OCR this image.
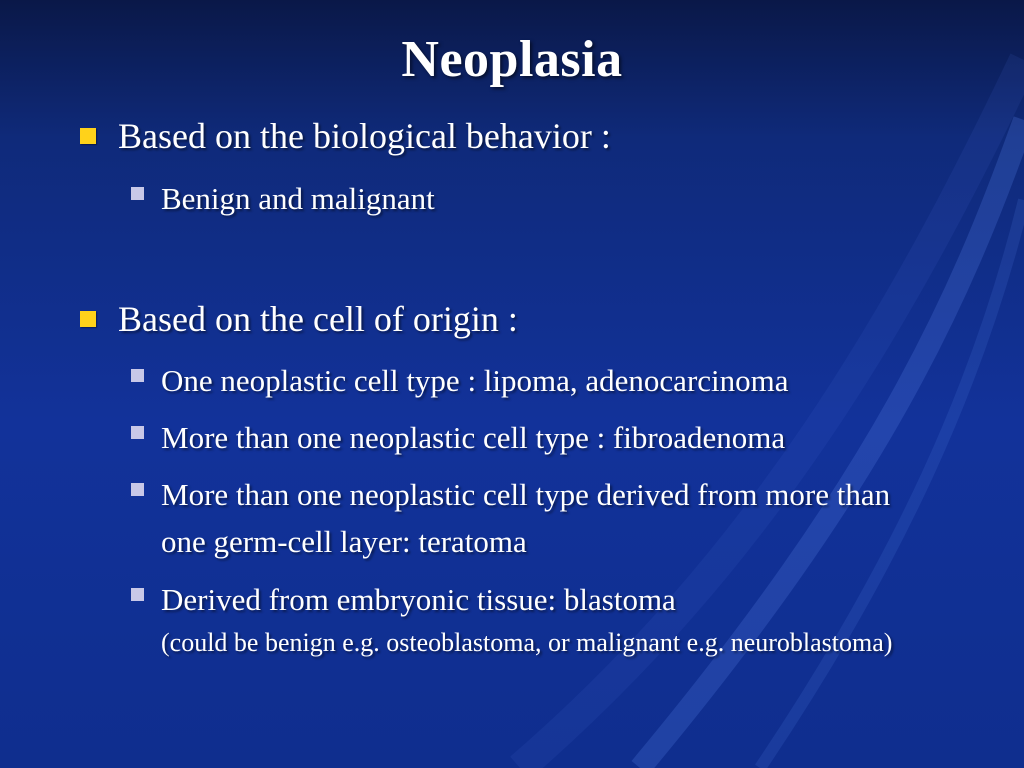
Neoplasia
Based on the biological behavior :
Benign and malignant
Based on the cell of origin :
One neoplastic cell type : lipoma, adenocarcinoma
More than one neoplastic cell type : fibroadenoma
More than one neoplastic cell type derived from more than one germ-cell layer: teratoma
Derived from embryonic tissue: blastoma
(could be benign e.g. osteoblastoma, or malignant e.g. neuroblastoma)
